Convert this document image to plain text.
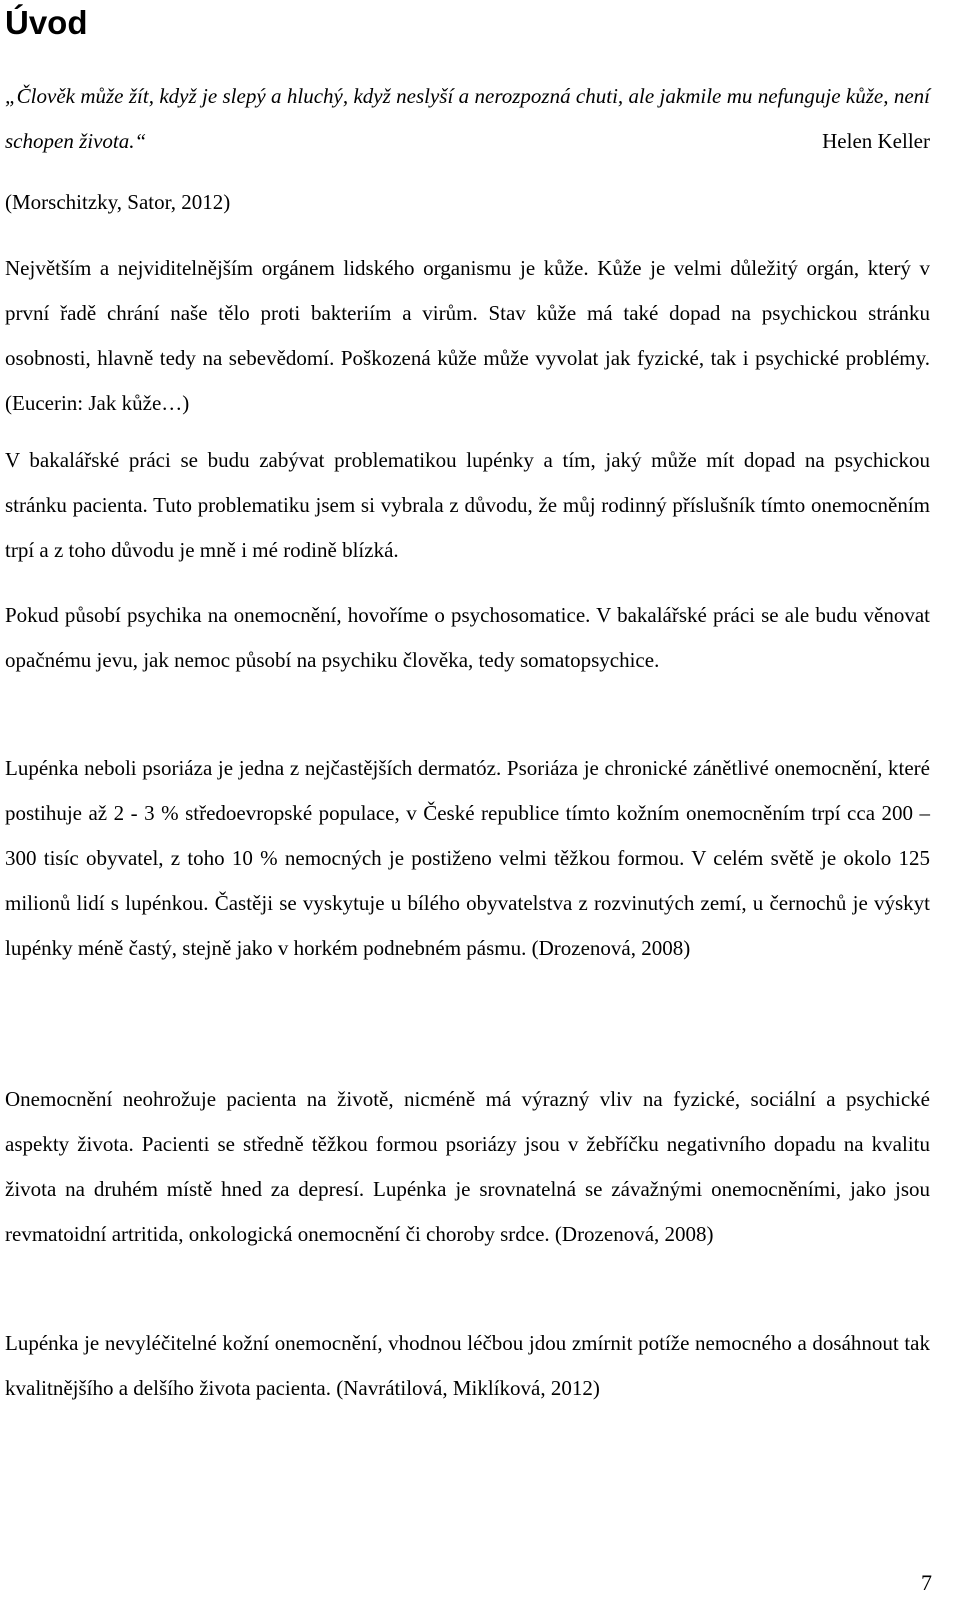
Úvod

„Člověk může žít, když je slepý a hluchý, když neslyší a nerozpozná chuti, ale jakmile mu nefunguje kůže, není schopen života.“	Helen Keller

(Morschitzky, Sator, 2012)

Největším a nejviditelnějším orgánem lidského organismu je kůže. Kůže je velmi důležitý orgán, který v první řadě chrání naše tělo proti bakteriím a virům. Stav kůže má také dopad na psychickou stránku osobnosti, hlavně tedy na sebevědomí. Poškozená kůže může vyvolat jak fyzické, tak i psychické problémy. (Eucerin: Jak kůže…)

V bakalářské práci se budu zabývat problematikou lupénky a tím, jaký může mít dopad na psychickou stránku pacienta. Tuto problematiku jsem si vybrala z důvodu, že můj rodinný příslušník tímto onemocněním trpí a z toho důvodu je mně i mé rodině blízká.

Pokud působí psychika na onemocnění, hovoříme o psychosomatice. V bakalářské práci se ale budu věnovat opačnému jevu, jak nemoc působí na psychiku člověka, tedy somatopsychice.

Lupénka neboli psoriáza je jedna z nejčastějších dermatóz. Psoriáza je chronické zánětlivé onemocnění, které postihuje až 2 - 3 % středoevropské populace, v České republice tímto kožním onemocněním trpí cca 200 – 300 tisíc obyvatel, z toho 10 % nemocných je postiženo velmi těžkou formou. V celém světě je okolo 125 milionů lidí s lupénkou. Častěji se vyskytuje u bílého obyvatelstva z rozvinutých zemí, u černochů je výskyt lupénky méně častý, stejně jako v horkém podnebném pásmu. (Drozenová, 2008)

Onemocnění neohrožuje pacienta na životě, nicméně má výrazný vliv na fyzické, sociální a psychické aspekty života. Pacienti se středně těžkou formou psoriázy jsou v žebříčku negativního dopadu na kvalitu života na druhém místě hned za depresí. Lupénka je srovnatelná se závažnými onemocněními, jako jsou revmatoidní artritida, onkologická onemocnění či choroby srdce. (Drozenová, 2008)

Lupénka je nevyléčitelné kožní onemocnění, vhodnou léčbou jdou zmírnit potíže nemocného a dosáhnout tak kvalitnějšího a delšího života pacienta. (Navrátilová, Miklíková, 2012)

7
